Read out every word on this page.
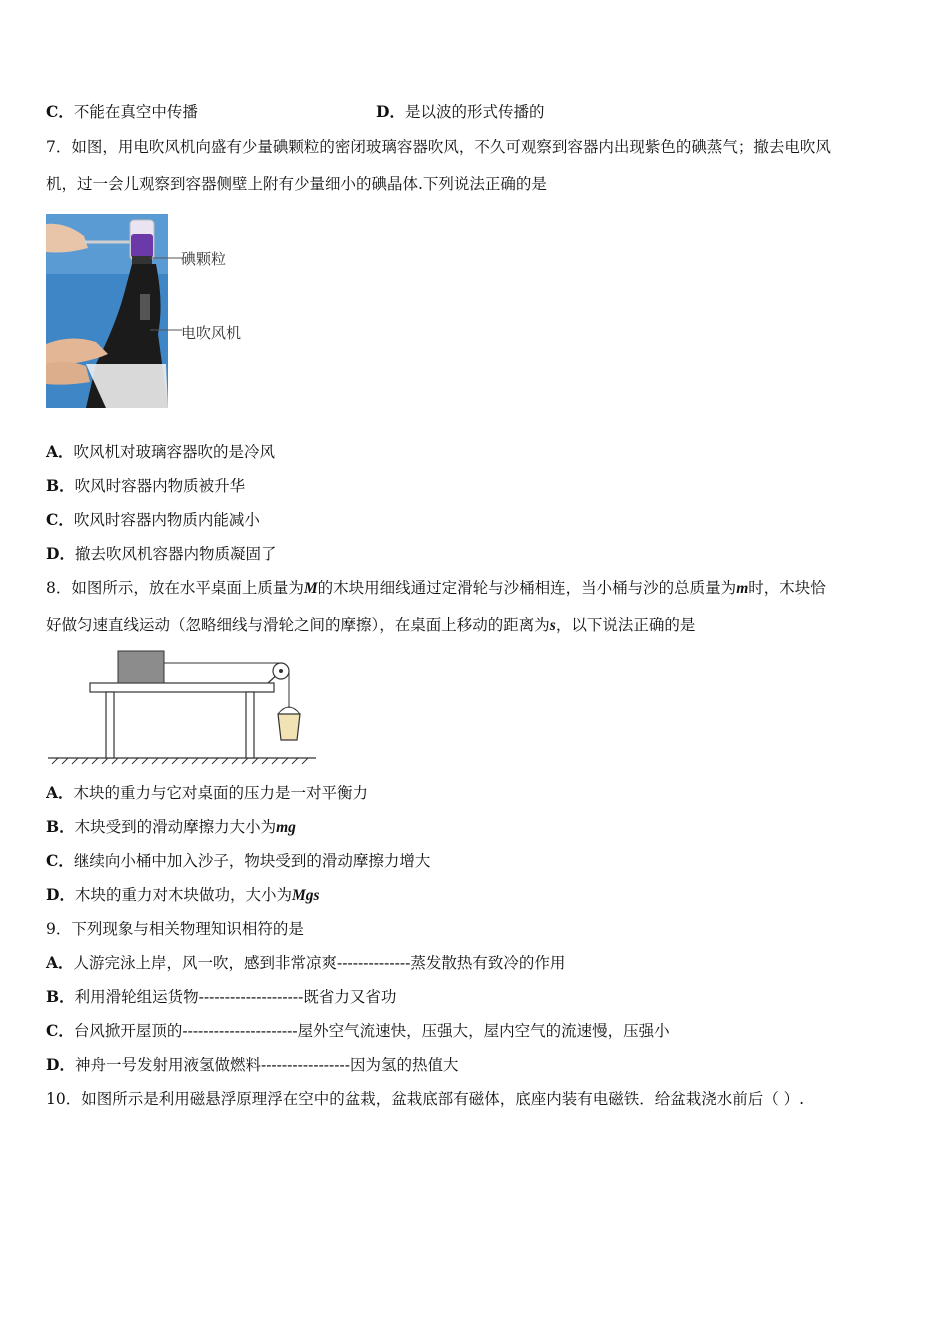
C．不能在真空中传播	D．是以波的形式传播的
7．如图，用电吹风机向盛有少量碘颗粒的密闭玻璃容器吹风，不久可观察到容器内出现紫色的碘蒸气；撤去电吹风
机，过一会儿观察到容器侧壁上附有少量细小的碘晶体.下列说法正确的是
碘颗粒
电吹风机
A．吹风机对玻璃容器吹的是冷风
B．吹风时容器内物质被升华
C．吹风时容器内物质内能减小
D．撤去吹风机容器内物质凝固了
8．如图所示，放在水平桌面上质量为M的木块用细线通过定滑轮与沙桶相连，当小桶与沙的总质量为m时，木块恰
好做匀速直线运动（忽略细线与滑轮之间的摩擦），在桌面上移动的距离为s，以下说法正确的是
A．木块的重力与它对桌面的压力是一对平衡力
B．木块受到的滑动摩擦力大小为mg
C．继续向小桶中加入沙子，物块受到的滑动摩擦力增大
D．木块的重力对木块做功，大小为Mgs
9．下列现象与相关物理知识相符的是
A．人游完泳上岸，风一吹，感到非常凉爽--------------蒸发散热有致冷的作用
B．利用滑轮组运货物--------------------既省力又省功
C．台风掀开屋顶的----------------------屋外空气流速快，压强大，屋内空气的流速慢，压强小
D．神舟一号发射用液氢做燃料-----------------因为氢的热值大
10．如图所示是利用磁悬浮原理浮在空中的盆栽，盆栽底部有磁体，底座内装有电磁铁．给盆栽浇水前后（ ）.
